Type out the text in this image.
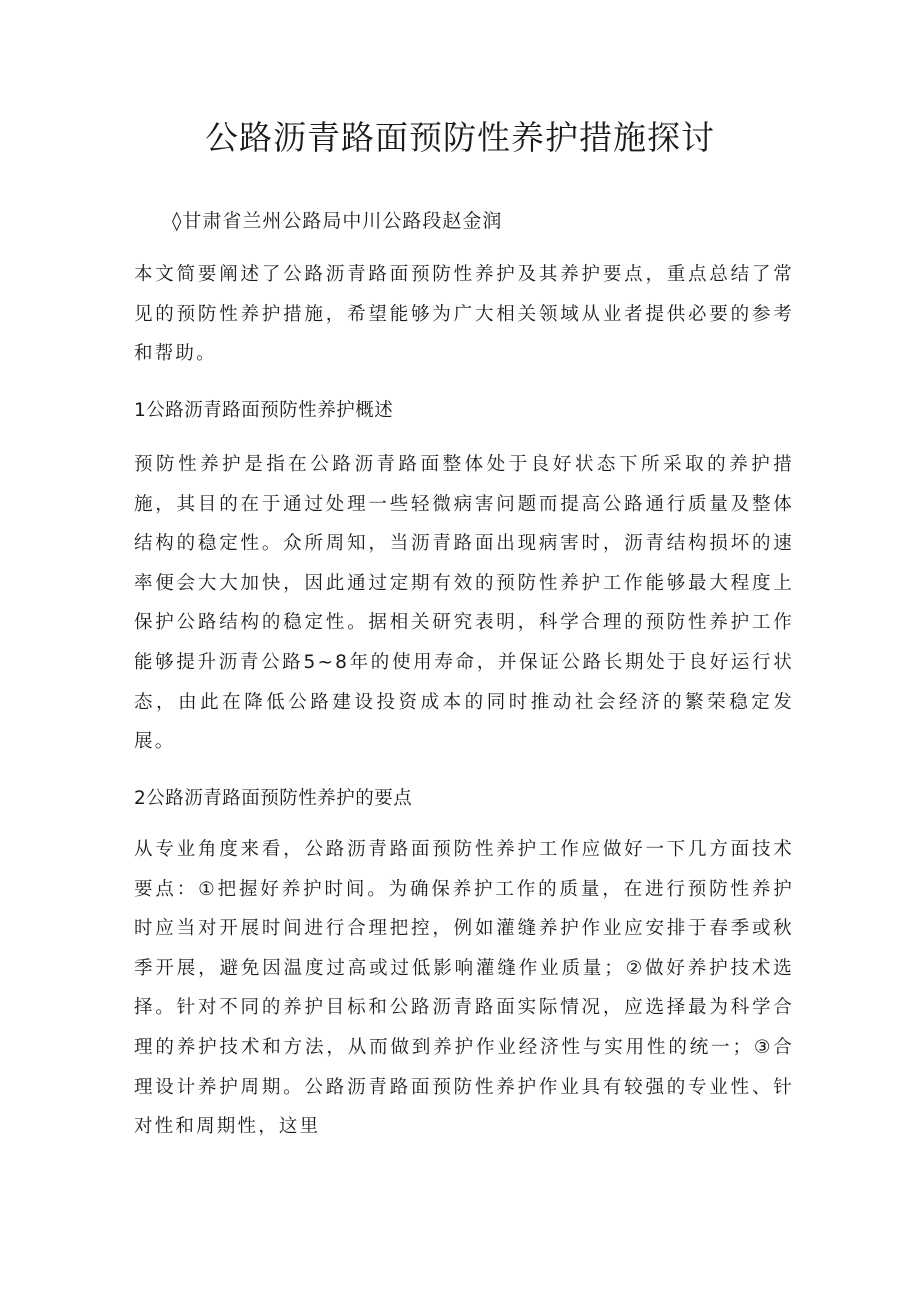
公路沥青路面预防性养护措施探讨

◊甘肃省兰州公路局中川公路段赵金润

本文简要阐述了公路沥青路面预防性养护及其养护要点，重点总结了常见的预防性养护措施，希望能够为广大相关领域从业者提供必要的参考和帮助。

1公路沥青路面预防性养护概述

预防性养护是指在公路沥青路面整体处于良好状态下所采取的养护措施，其目的在于通过处理一些轻微病害问题而提高公路通行质量及整体结构的稳定性。众所周知，当沥青路面出现病害时，沥青结构损坏的速率便会大大加快，因此通过定期有效的预防性养护工作能够最大程度上保护公路结构的稳定性。据相关研究表明，科学合理的预防性养护工作能够提升沥青公路5~8年的使用寿命，并保证公路长期处于良好运行状态，由此在降低公路建设投资成本的同时推动社会经济的繁荣稳定发展。

2公路沥青路面预防性养护的要点

从专业角度来看，公路沥青路面预防性养护工作应做好一下几方面技术要点：①把握好养护时间。为确保养护工作的质量，在进行预防性养护时应当对开展时间进行合理把控，例如灌缝养护作业应安排于春季或秋季开展，避免因温度过高或过低影响灌缝作业质量；②做好养护技术选择。针对不同的养护目标和公路沥青路面实际情况，应选择最为科学合理的养护技术和方法，从而做到养护作业经济性与实用性的统一；③合理设计养护周期。公路沥青路面预防性养护作业具有较强的专业性、针对性和周期性，这里
